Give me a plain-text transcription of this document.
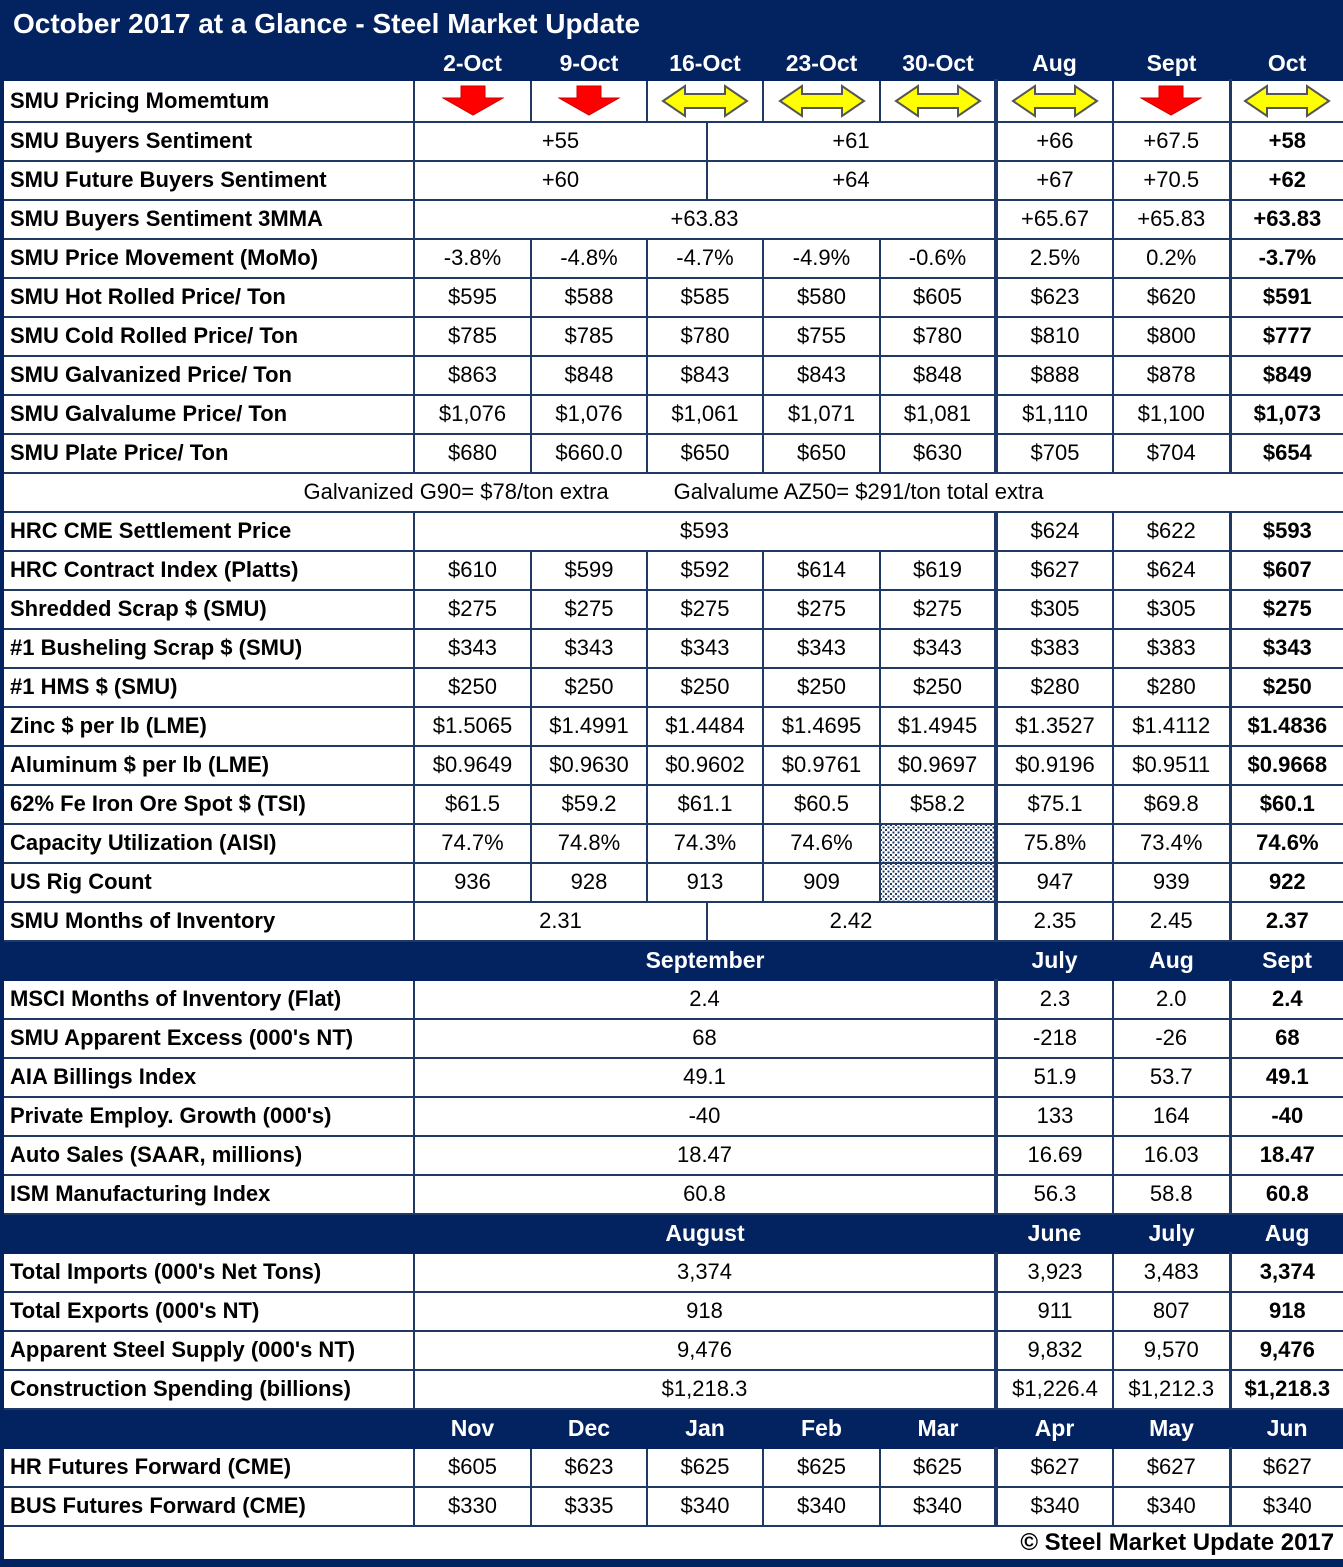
October 2017 at a Glance - Steel Market Update									
	2-Oct	9-Oct	16-Oct		23-Oct	30-Oct	Aug	Sept	Oct
SMU Pricing Momemtum								
SMU Buyers Sentiment	+55			+61			+66	+67.5	+58
SMU Future Buyers Sentiment	+60			+64			+67	+70.5	+62
SMU Buyers Sentiment 3MMA	+63.83						+65.67	+65.83	+63.83
SMU Price Movement (MoMo)	-3.8%	-4.8%	-4.7%		-4.9%	-0.6%	2.5%	0.2%	-3.7%
SMU Hot Rolled Price/ Ton	$595	$588	$585		$580	$605	$623	$620	$591
SMU Cold Rolled Price/ Ton	$785	$785	$780		$755	$780	$810	$800	$777
SMU Galvanized Price/ Ton	$863	$848	$843		$843	$848	$888	$878	$849
SMU Galvalume Price/ Ton	$1,076	$1,076	$1,061		$1,071	$1,081	$1,110	$1,100	$1,073
SMU Plate Price/ Ton	$680	$660.0	$650		$650	$630	$705	$704	$654

Galvanized G90= $78/ton extra Galvalume AZ50= $291/ton total extra									

HRC CME Settlement Price	$593						$624	$622	$593
HRC Contract Index (Platts)	$610	$599	$592		$614	$619	$627	$624	$607
Shredded Scrap $ (SMU)	$275	$275	$275		$275	$275	$305	$305	$275
#1 Busheling Scrap $ (SMU)	$343	$343	$343		$343	$343	$383	$383	$343
#1 HMS $ (SMU)	$250	$250	$250		$250	$250	$280	$280	$250
Zinc $ per lb (LME)	$1.5065	$1.4991	$1.4484		$1.4695	$1.4945	$1.3527	$1.4112	$1.4836
Aluminum $ per lb (LME)	$0.9649	$0.9630	$0.9602		$0.9761	$0.9697	$0.9196	$0.9511	$0.9668
62% Fe Iron Ore Spot $ (TSI)	$61.5	$59.2	$61.1		$60.5	$58.2	$75.1	$69.8	$60.1
Capacity Utilization (AISI)	74.7%	74.8%	74.3%		74.6%		75.8%	73.4%	74.6%
US Rig Count	936	928	913		909		947	939	922
SMU Months of Inventory	2.31			2.42			2.35	2.45	2.37
	September						July	Aug	Sept
MSCI Months of Inventory (Flat)	2.4						2.3	2.0	2.4
SMU Apparent Excess (000's NT)	68						-218	-26	68
AIA Billings Index	49.1						51.9	53.7	49.1
Private Employ. Growth (000's)	-40						133	164	-40
Auto Sales (SAAR, millions)	18.47						16.69	16.03	18.47
ISM Manufacturing Index	60.8						56.3	58.8	60.8
	August						June	July	Aug
Total Imports (000's Net Tons)	3,374						3,923	3,483	3,374
Total Exports (000's NT)	918						911	807	918
Apparent Steel Supply (000's NT)	9,476						9,832	9,570	9,476
Construction Spending (billions)	$1,218.3						$1,226.4	$1,212.3	$1,218.3
	Nov	Dec	Jan		Feb	Mar	Apr	May	Jun
HR Futures Forward (CME)	$605	$623	$625		$625	$625	$627	$627	$627
BUS Futures Forward (CME)	$330	$335	$340		$340	$340	$340	$340	$340
© Steel Market Update 2017									
